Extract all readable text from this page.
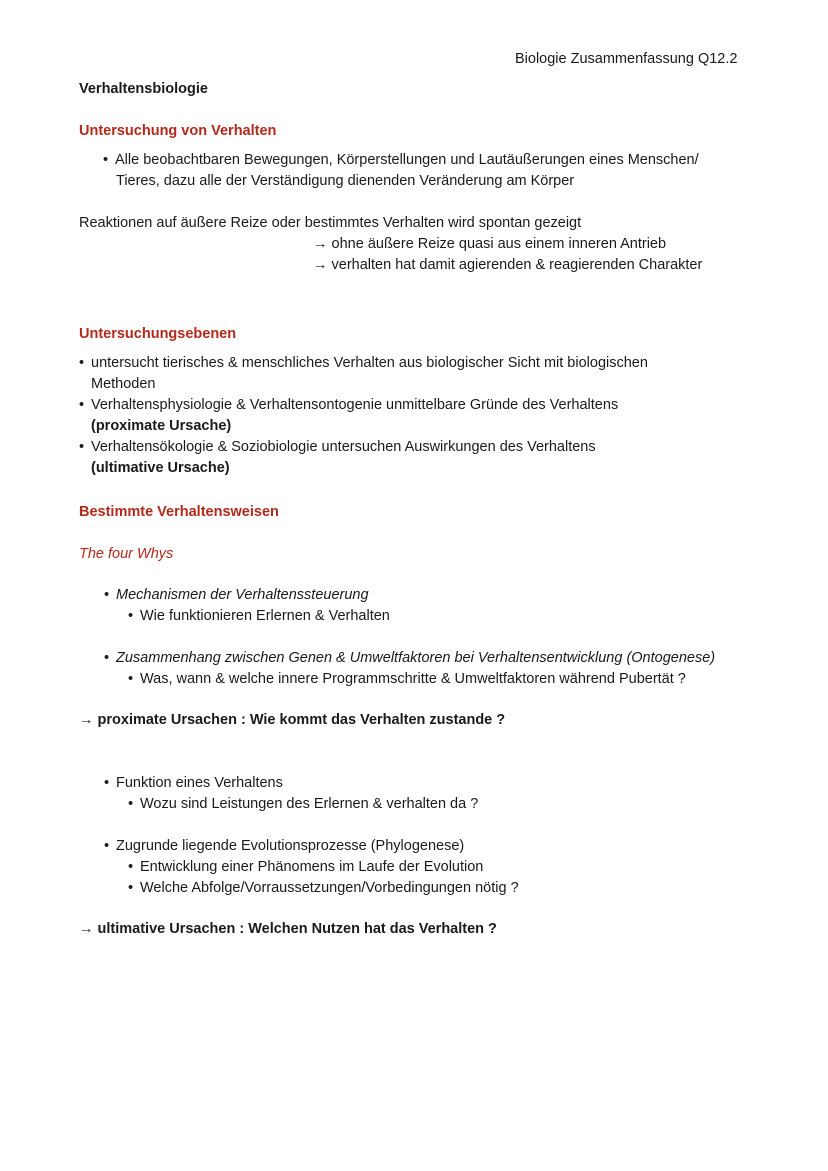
Biologie Zusammenfassung Q12.2
Verhaltensbiologie
Untersuchung von Verhalten
• Alle beobachtbaren Bewegungen, Körperstellungen und Lautäußerungen eines Menschen/
Tieres, dazu alle der Verständigung dienenden Veränderung am Körper
Reaktionen auf äußere Reize oder bestimmtes Verhalten wird spontan gezeigt
→ ohne äußere Reize quasi aus einem inneren Antrieb
→ verhalten hat damit agierenden & reagierenden Charakter
Untersuchungsebenen
• untersucht tierisches & menschliches Verhalten aus biologischer Sicht mit biologischen
Methoden
• Verhaltensphysiologie & Verhaltensontogenie unmittelbare Gründe des Verhaltens
(proximate Ursache)
• Verhaltensökologie & Soziobiologie untersuchen Auswirkungen des Verhaltens
(ultimative Ursache)
Bestimmte Verhaltensweisen
The four Whys
• Mechanismen der Verhaltenssteuerung
• Wie funktionieren Erlernen & Verhalten
• Zusammenhang zwischen Genen & Umweltfaktoren bei Verhaltensentwicklung (Ontogenese)
• Was, wann & welche innere Programmschritte & Umweltfaktoren während Pubertät ?
→ proximate Ursachen : Wie kommt das Verhalten zustande ?
• Funktion eines Verhaltens
• Wozu sind Leistungen des Erlernen & verhalten da ?
• Zugrunde liegende Evolutionsprozesse (Phylogenese)
• Entwicklung einer Phänomens im Laufe der Evolution
• Welche Abfolge/Vorraussetzungen/Vorbedingungen nötig ?
→ ultimative Ursachen : Welchen Nutzen hat das Verhalten ?
